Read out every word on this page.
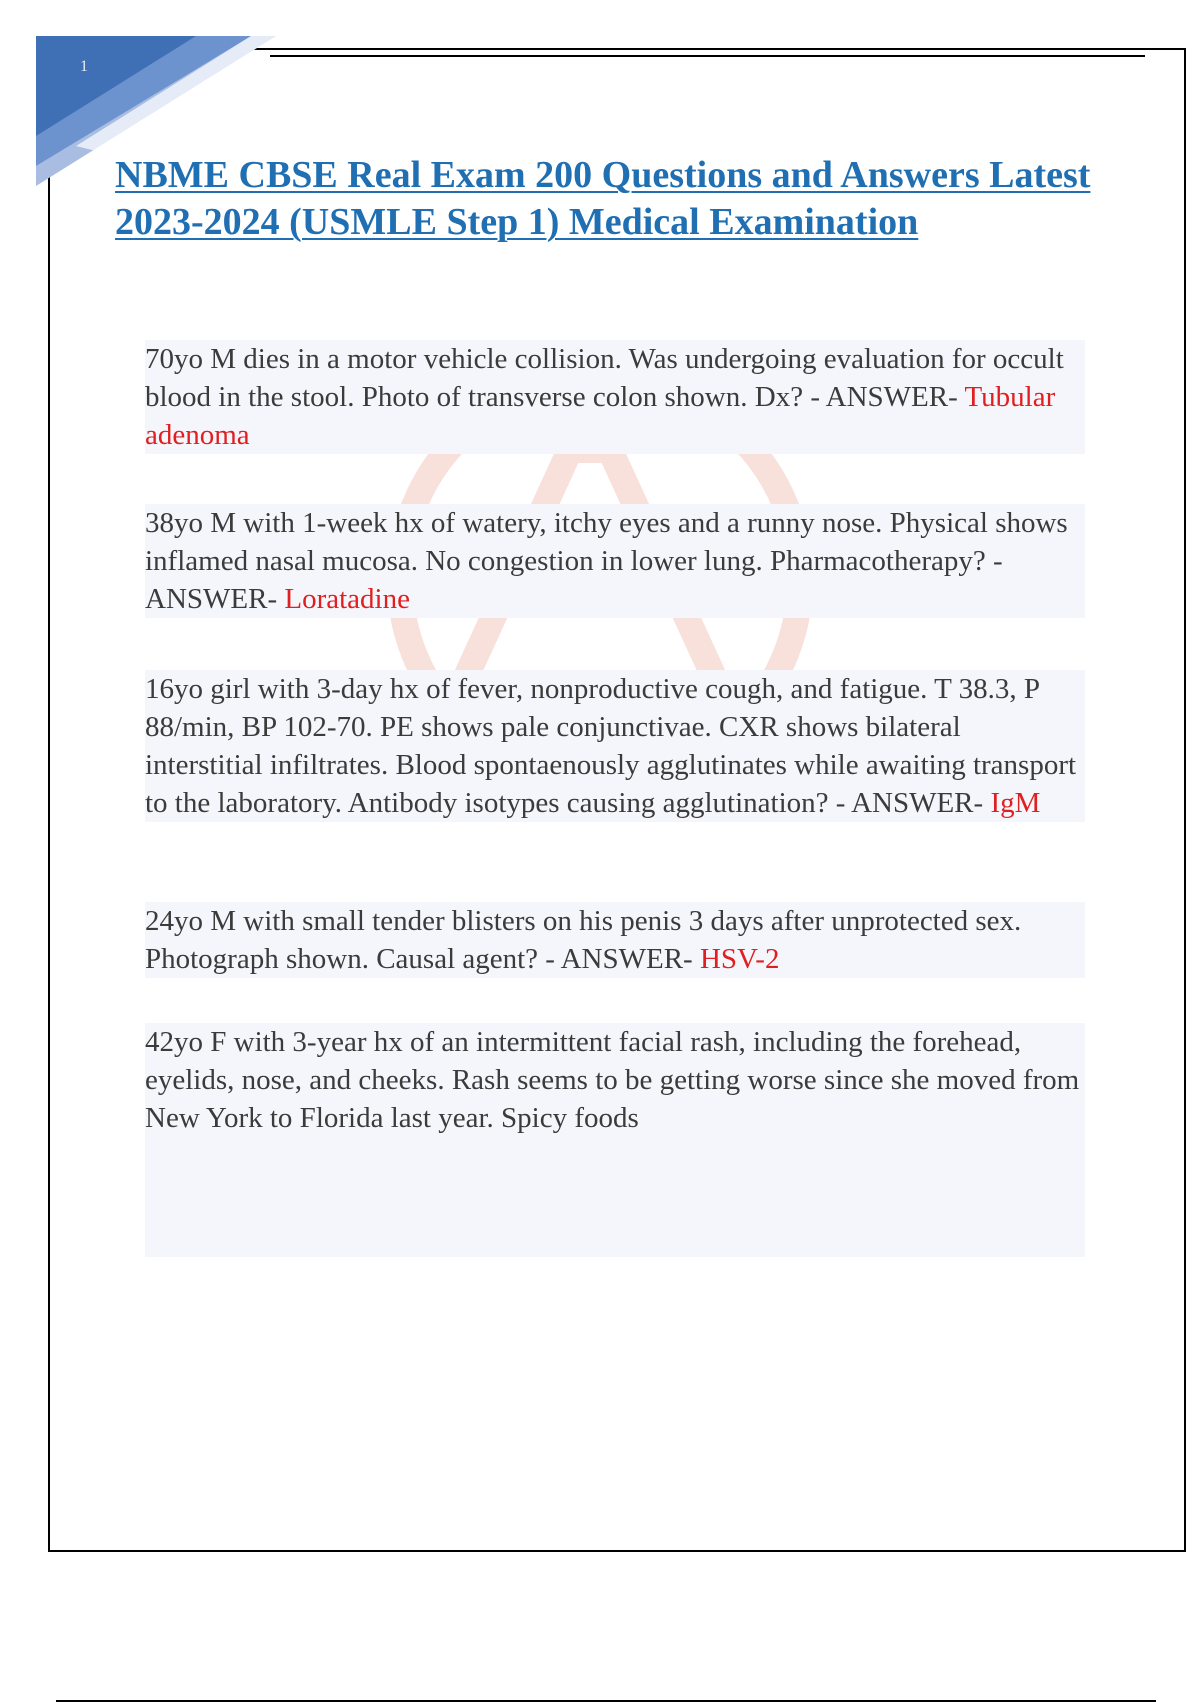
1
NBME CBSE Real Exam 200 Questions and Answers Latest 2023-2024 (USMLE Step 1) Medical Examination
70yo M dies in a motor vehicle collision. Was undergoing evaluation for occult blood in the stool. Photo of transverse colon shown. Dx? - ANSWER- Tubular adenoma
38yo M with 1-week hx of watery, itchy eyes and a runny nose. Physical shows inflamed nasal mucosa. No congestion in lower lung. Pharmacotherapy? - ANSWER- Loratadine
16yo girl with 3-day hx of fever, nonproductive cough, and fatigue. T 38.3, P 88/min, BP 102-70. PE shows pale conjunctivae. CXR shows bilateral interstitial infiltrates. Blood spontaenously agglutinates while awaiting transport to the laboratory. Antibody isotypes causing agglutination? - ANSWER- IgM
24yo M with small tender blisters on his penis 3 days after unprotected sex. Photograph shown. Causal agent? - ANSWER- HSV-2
42yo F with 3-year hx of an intermittent facial rash, including the forehead, eyelids, nose, and cheeks. Rash seems to be getting worse since she moved from New York to Florida last year. Spicy foods
